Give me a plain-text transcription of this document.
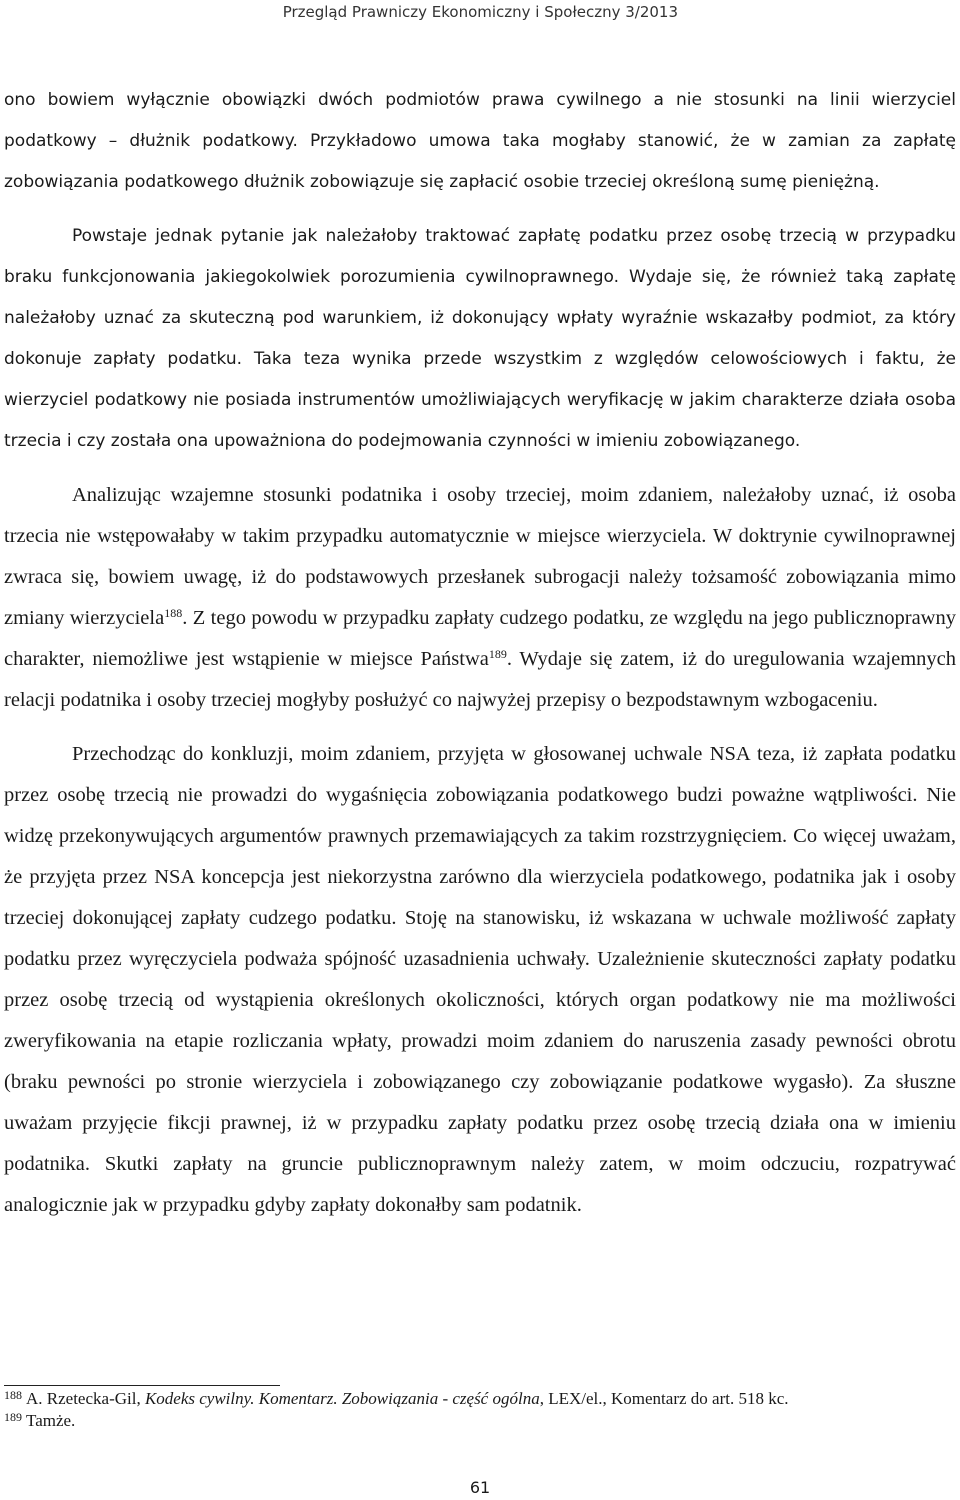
Przegląd Prawniczy Ekonomiczny i Społeczny 3/2013

ono bowiem wyłącznie obowiązki dwóch podmiotów prawa cywilnego a nie stosunki na linii wierzyciel podatkowy – dłużnik podatkowy. Przykładowo umowa taka mogłaby stanowić, że w zamian za zapłatę zobowiązania podatkowego dłużnik zobowiązuje się zapłacić osobie trzeciej określoną sumę pieniężną.

Powstaje jednak pytanie jak należałoby traktować zapłatę podatku przez osobę trzecią w przypadku braku funkcjonowania jakiegokolwiek porozumienia cywilnoprawnego. Wydaje się, że również taką zapłatę należałoby uznać za skuteczną pod warunkiem, iż dokonujący wpłaty wyraźnie wskazałby podmiot, za który dokonuje zapłaty podatku. Taka teza wynika przede wszystkim z względów celowościowych i faktu, że wierzyciel podatkowy nie posiada instrumentów umożliwiających weryfikację w jakim charakterze działa osoba trzecia i czy została ona upoważniona do podejmowania czynności w imieniu zobowiązanego.

Analizując wzajemne stosunki podatnika i osoby trzeciej, moim zdaniem, należałoby uznać, iż osoba trzecia nie wstępowałaby w takim przypadku automatycznie w miejsce wierzyciela. W doktrynie cywilnoprawnej zwraca się, bowiem uwagę, iż do podstawowych przesłanek subrogacji należy tożsamość zobowiązania mimo zmiany wierzyciela$^{188}$. Z tego powodu w przypadku zapłaty cudzego podatku, ze względu na jego publicznoprawny charakter, niemożliwe jest wstąpienie w miejsce Państwa$^{189}$. Wydaje się zatem, iż do uregulowania wzajemnych relacji podatnika i osoby trzeciej mogłyby posłużyć co najwyżej przepisy o bezpodstawnym wzbogaceniu.

Przechodząc do konkluzji, moim zdaniem, przyjęta w głosowanej uchwale NSA teza, iż zapłata podatku przez osobę trzecią nie prowadzi do wygaśnięcia zobowiązania podatkowego budzi poważne wątpliwości. Nie widzę przekonywujących argumentów prawnych przemawiających za takim rozstrzygnięciem. Co więcej uważam, że przyjęta przez NSA koncepcja jest niekorzystna zarówno dla wierzyciela podatkowego, podatnika jak i osoby trzeciej dokonującej zapłaty cudzego podatku. Stoję na stanowisku, iż wskazana w uchwale możliwość zapłaty podatku przez wyręczyciela podważa spójność uzasadnienia uchwały. Uzależnienie skuteczności zapłaty podatku przez osobę trzecią od wystąpienia określonych okoliczności, których organ podatkowy nie ma możliwości zweryfikowania na etapie rozliczania wpłaty, prowadzi moim zdaniem do naruszenia zasady pewności obrotu (braku pewności po stronie wierzyciela i zobowiązanego czy zobowiązanie podatkowe wygasło). Za słuszne uważam przyjęcie fikcji prawnej, iż w przypadku zapłaty podatku przez osobę trzecią działa ona w imieniu podatnika. Skutki zapłaty na gruncie publicznoprawnym należy zatem, w moim odczuciu, rozpatrywać analogicznie jak w przypadku gdyby zapłaty dokonałby sam podatnik.

$^{188}$ A. Rzetecka-Gil, Kodeks cywilny. Komentarz. Zobowiązania - część ogólna, LEX/el., Komentarz do art. 518 kc.
$^{189}$ Tamże.
61
